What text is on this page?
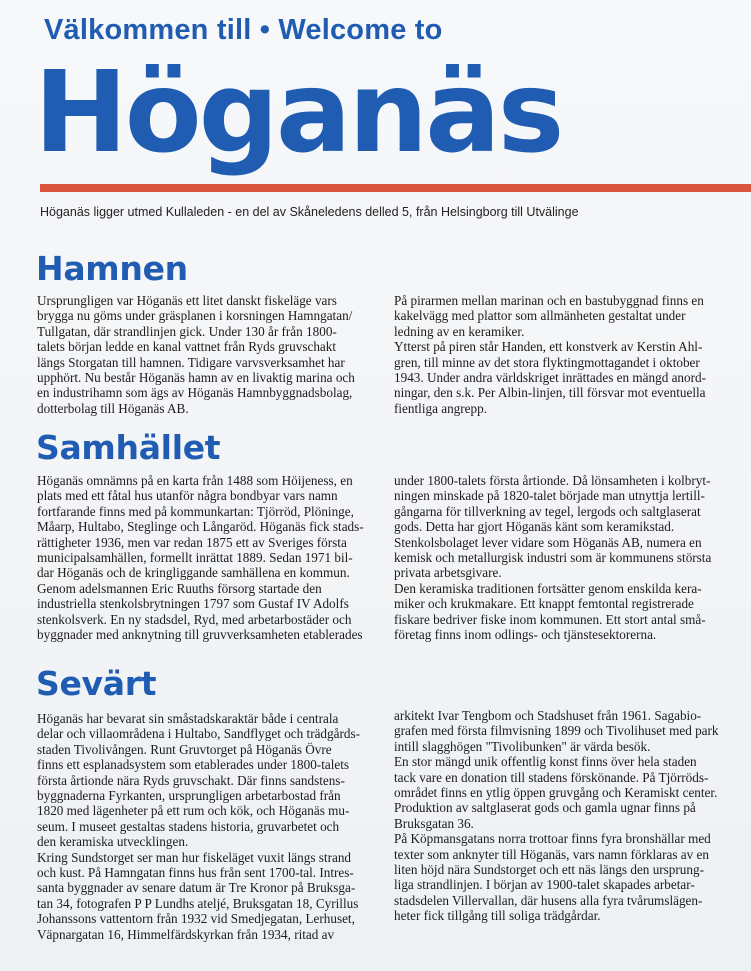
Välkommen till • Welcome to
Höganäs
Höganäs ligger utmed Kullaleden - en del av Skåneledens delled 5, från Helsingborg till Utvälinge
Hamnen
Ursprungligen var Höganäs ett litet danskt fiskeläge vars
brygga nu göms under gräsplanen i korsningen Hamngatan/
Tullgatan, där strandlinjen gick. Under 130 år från 1800-
talets början ledde en kanal vattnet från Ryds gruvschakt
längs Storgatan till hamnen. Tidigare varvsverksamhet har
upphört. Nu består Höganäs hamn av en livaktig marina och
en industrihamn som ägs av Höganäs Hamnbyggnadsbolag,
dotterbolag till Höganäs AB.
På pirarmen mellan marinan och en bastubyggnad finns en
kakelvägg med plattor som allmänheten gestaltat under
ledning av en keramiker.
Ytterst på piren står Handen, ett konstverk av Kerstin Ahl-
gren, till minne av det stora flyktingmottagandet i oktober
1943. Under andra världskriget inrättades en mängd anord-
ningar, den s.k. Per Albin-linjen, till försvar mot eventuella
fientliga angrepp.
Samhället
Höganäs omnämns på en karta från 1488 som Höijeness, en
plats med ett fåtal hus utanför några bondbyar vars namn
fortfarande finns med på kommunkartan: Tjörröd, Plöninge,
Måarp, Hultabo, Steglinge och Långaröd. Höganäs fick stads-
rättigheter 1936, men var redan 1875 ett av Sveriges första
municipalsamhällen, formellt inrättat 1889. Sedan 1971 bil-
dar Höganäs och de kringliggande samhällena en kommun.
Genom adelsmannen Eric Ruuths försorg startade den
industriella stenkolsbrytningen 1797 som Gustaf IV Adolfs
stenkolsverk. En ny stadsdel, Ryd, med arbetarbostäder och
byggnader med anknytning till gruvverksamheten etablerades
under 1800-talets första årtionde. Då lönsamheten i kolbryt-
ningen minskade på 1820-talet började man utnyttja lertill-
gångarna för tillverkning av tegel, lergods och saltglaserat
gods. Detta har gjort Höganäs känt som keramikstad.
Stenkolsbolaget lever vidare som Höganäs AB, numera en
kemisk och metallurgisk industri som är kommunens största
privata arbetsgivare.
Den keramiska traditionen fortsätter genom enskilda kera-
miker och krukmakare. Ett knappt femtontal registrerade
fiskare bedriver fiske inom kommunen. Ett stort antal små-
företag finns inom odlings- och tjänstesektorerna.
Sevärt
Höganäs har bevarat sin småstadskaraktär både i centrala
delar och villaområdena i Hultabo, Sandflyget och trädgårds-
staden Tivolivången. Runt Gruvtorget på Höganäs Övre
finns ett esplanadsystem som etablerades under 1800-talets
första årtionde nära Ryds gruvschakt. Där finns sandstens-
byggnaderna Fyrkanten, ursprungligen arbetarbostad från
1820 med lägenheter på ett rum och kök, och Höganäs mu-
seum. I museet gestaltas stadens historia, gruvarbetet och
den keramiska utvecklingen.
Kring Sundstorget ser man hur fiskeläget vuxit längs strand
och kust. På Hamngatan finns hus från sent 1700-tal. Intres-
santa byggnader av senare datum är Tre Kronor på Bruksga-
tan 34, fotografen P P Lundhs ateljé, Bruksgatan 18, Cyrillus
Johanssons vattentorn från 1932 vid Smedjegatan, Lerhuset,
Väpnargatan 16, Himmelfärdskyrkan från 1934, ritad av
arkitekt Ivar Tengbom och Stadshuset från 1961. Sagabio-
grafen med första filmvisning 1899 och Tivolihuset med park
intill slagghögen "Tivolibunken" är värda besök.
En stor mängd unik offentlig konst finns över hela staden
tack vare en donation till stadens förskönande. På Tjörröds-
området finns en ytlig öppen gruvgång och Keramiskt center.
Produktion av saltglaserat gods och gamla ugnar finns på
Bruksgatan 36.
På Köpmansgatans norra trottoar finns fyra bronshällar med
texter som anknyter till Höganäs, vars namn förklaras av en
liten höjd nära Sundstorget och ett näs längs den ursprung-
liga strandlinjen. I början av 1900-talet skapades arbetar-
stadsdelen Villervallan, där husens alla fyra tvårumslägen-
heter fick tillgång till soliga trädgårdar.
